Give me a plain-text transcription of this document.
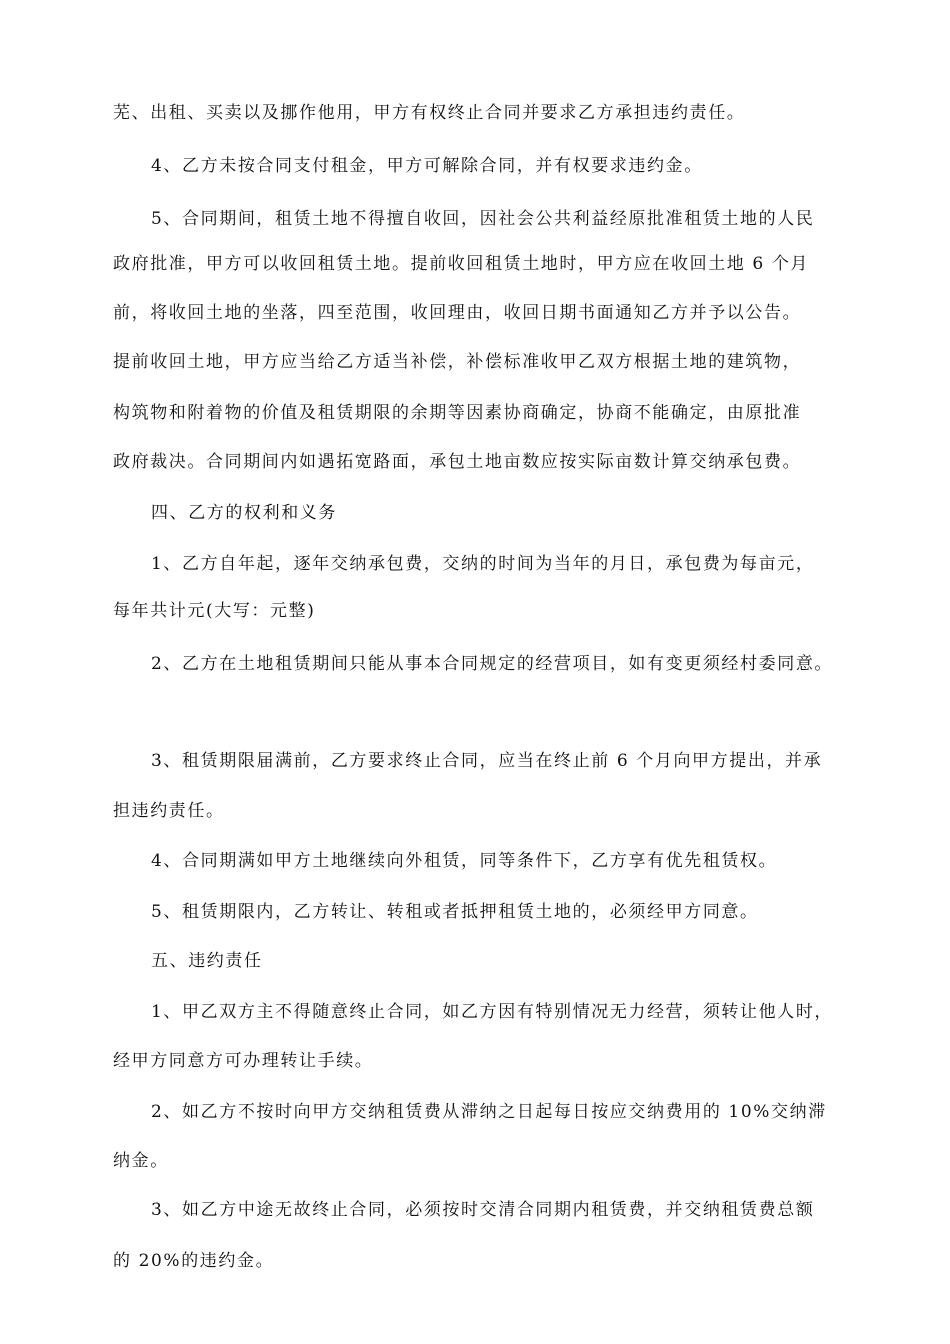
芜、出租、买卖以及挪作他用，甲方有权终止合同并要求乙方承担违约责任。
4、乙方未按合同支付租金，甲方可解除合同，并有权要求违约金。
5、合同期间，租赁土地不得擅自收回，因社会公共利益经原批准租赁土地的人民
政府批准，甲方可以收回租赁土地。提前收回租赁土地时，甲方应在收回土地 6 个月
前，将收回土地的坐落，四至范围，收回理由，收回日期书面通知乙方并予以公告。
提前收回土地，甲方应当给乙方适当补偿，补偿标准收甲乙双方根据土地的建筑物，
构筑物和附着物的价值及租赁期限的余期等因素协商确定，协商不能确定，由原批准
政府裁决。合同期间内如遇拓宽路面，承包土地亩数应按实际亩数计算交纳承包费。
四、乙方的权利和义务
1、乙方自年起，逐年交纳承包费，交纳的时间为当年的月日，承包费为每亩元，
每年共计元(大写：元整)
2、乙方在土地租赁期间只能从事本合同规定的经营项目，如有变更须经村委同意。
3、租赁期限届满前，乙方要求终止合同，应当在终止前 6 个月向甲方提出，并承
担违约责任。
4、合同期满如甲方土地继续向外租赁，同等条件下，乙方享有优先租赁权。
5、租赁期限内，乙方转让、转租或者抵押租赁土地的，必须经甲方同意。
五、违约责任
1、甲乙双方主不得随意终止合同，如乙方因有特别情况无力经营，须转让他人时，
经甲方同意方可办理转让手续。
2、如乙方不按时向甲方交纳租赁费从滞纳之日起每日按应交纳费用的 10%交纳滞
纳金。
3、如乙方中途无故终止合同，必须按时交清合同期内租赁费，并交纳租赁费总额
的 20%的违约金。
